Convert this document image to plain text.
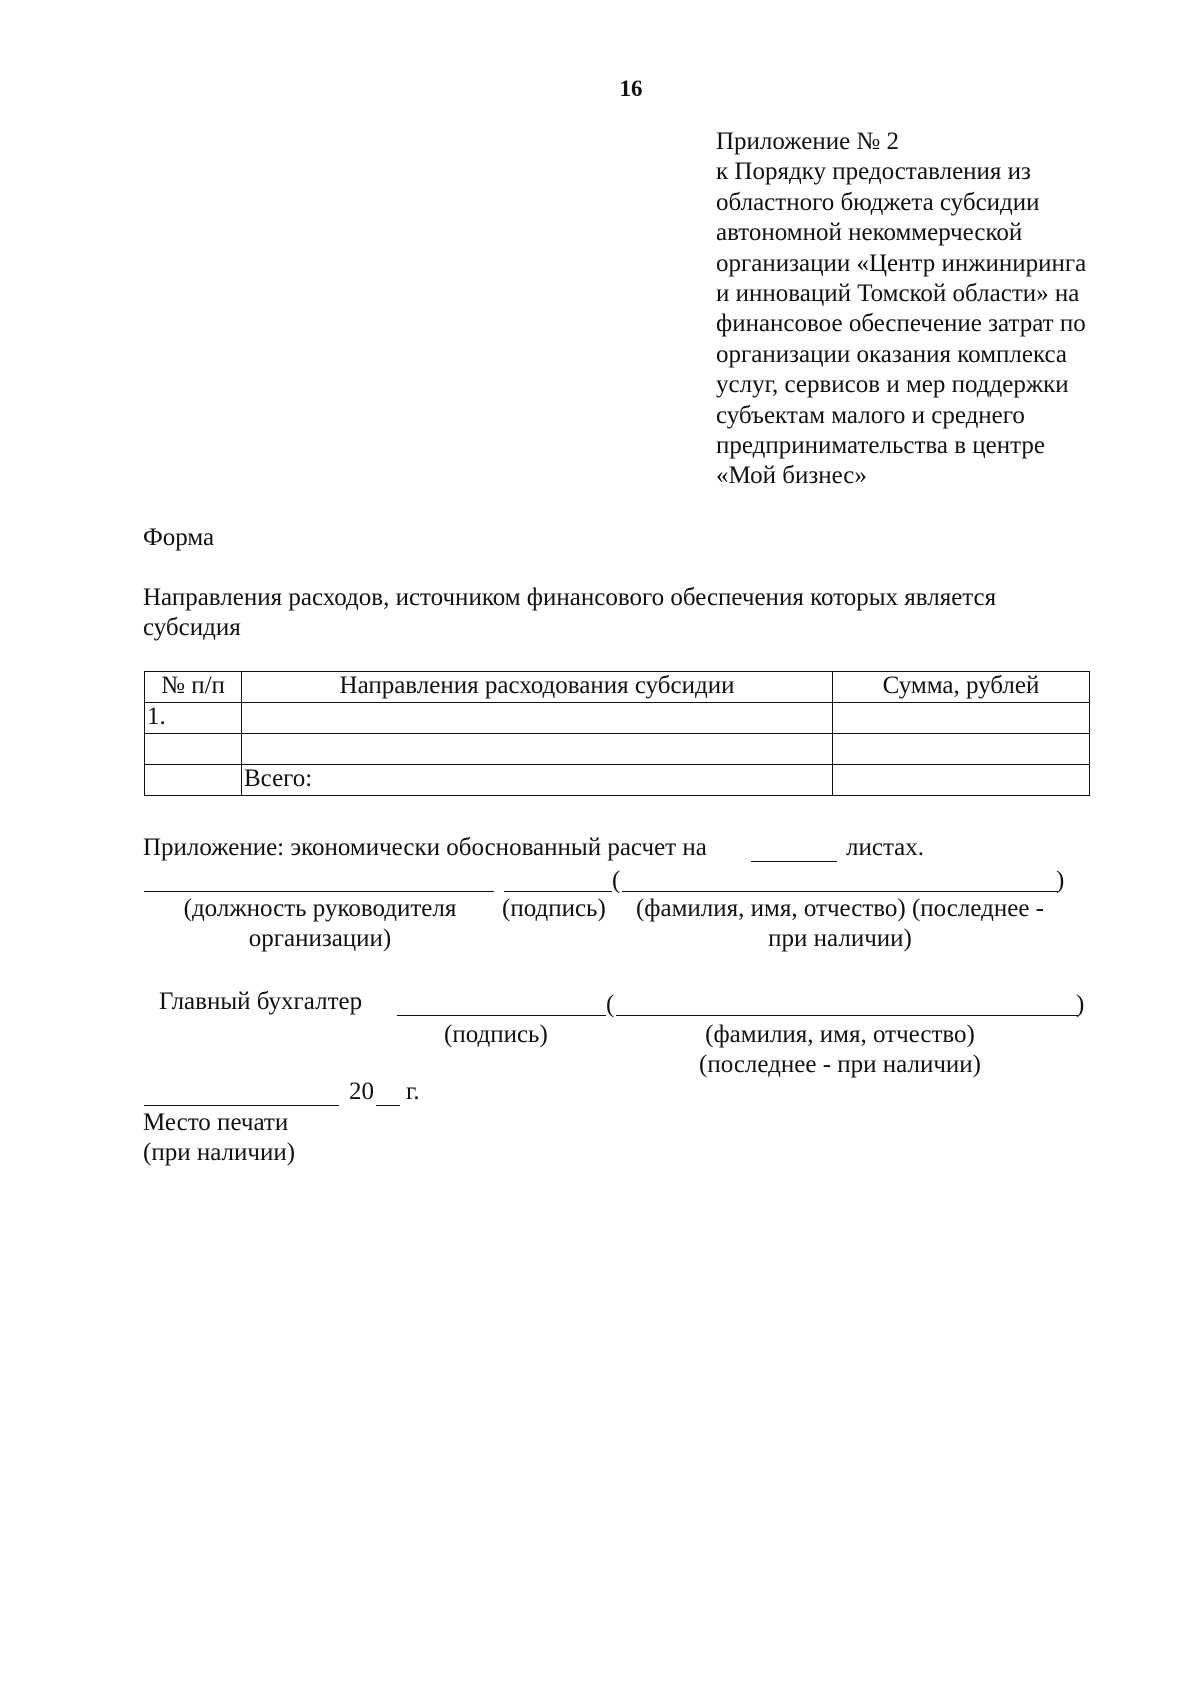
16
Приложение № 2
к Порядку предоставления из
областного бюджета субсидии
автономной некоммерческой
организации «Центр инжиниринга
и инноваций Томской области» на
финансовое обеспечение затрат по
организации оказания комплекса
услуг, сервисов и мер поддержки
субъектам малого и среднего
предпринимательства в центре
«Мой бизнес»
Форма
Направления расходов, источником финансового обеспечения которых является субсидия
№ п/п	Направления расходования субсидии	Сумма, рублей
1.		

	Всего:	
Приложение: экономически обоснованный расчет на	листах.
(	)
(должность руководителя организации)
(подпись)	(фамилия, имя, отчество) (последнее - при наличии)
Главный бухгалтер	(	)
(подпись)	(фамилия, имя, отчество) (последнее - при наличии)
20 г.
Место печати
(при наличии)
